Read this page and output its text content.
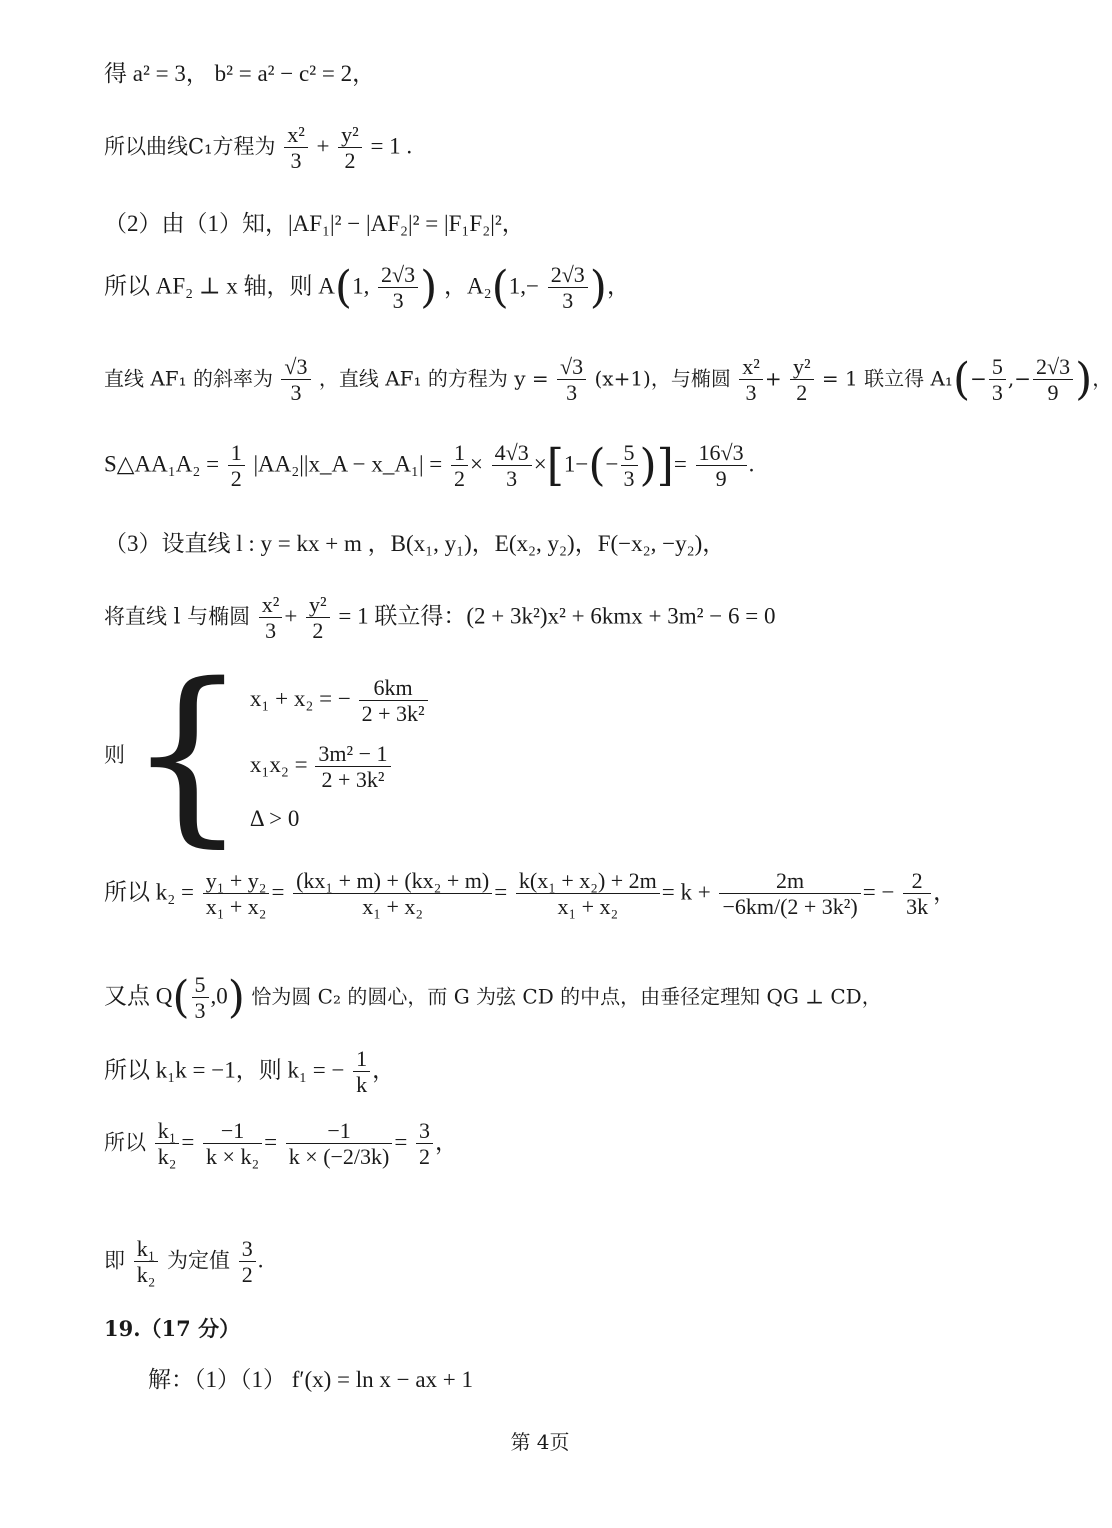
得 a² = 3， b² = a² − c² = 2，
所以曲线C₁方程为 $\frac{\text{x²}}{3} + \frac{\text{y²}}{2} = 1$ .
（2）由（1）知，|AF₁|² − |AF₂|² = |F₁F₂|²，
所以 AF₂ ⊥ x 轴，则 A(1, $\frac{2√3}{3}$ ) ，$A_2(1,- \frac{2√3}{3}$ )，
直线 AF₁ 的斜率为 $\frac{√3}{3}$ ，直线 AF₁ 的方程为 $y = \frac{√3}{3} (x+1)$，与椭圆 $\frac{\text{x²}}{3} + \frac{\text{y²}}{2} = 1$ 联立得 $A_1(- \frac{5}{3}$ ,− $\frac{2√3}{9}$ )，
S△AA₁A₂ = $\frac{1}{2}$ |AA₂||x_A − x_A₁| = $\frac{1}{2} \times \frac{4√3}{3} \times[1-(- \frac{5}{3}$ )]= $\frac{16√3}{9}$ .
（3）设直线 l : y = kx + m ，B(x₁, y₁)，E(x₂, y₂)，F(−x₂, −y₂)，
将直线 l 与椭圆 $\frac{\text{x²}}{3} + \frac{\text{y²}}{2} = 1$ 联立得：(2 + 3k²)x² + 6kmx + 3m² − 6 = 0
则 { x₁ + x₂ = − $\frac{6km}{\text{2 + 3k²}}$
$x_1x_2 = \frac{\text{3m² − 1}}{\text{2 + 3k²}}$
Δ > 0
所以 $k_2 = \frac{\text{y₁ + y₂}}{\text{x₁ + x₂}} = \frac{\text{(kx₁ + m) + (kx₂ + m)}}{\text{x₁ + x₂}} = \frac{\text{k(x₁ + x₂) + 2m}}{\text{x₁ + x₂}} = k + \frac{2m}{\text{−6km/(2 + 3k²)}}$ = − $\frac{2}{3k}$ ，
又点 $Q( \frac{5}{3} ,0)$ 恰为圆 C₂ 的圆心，而 G 为弦 CD 的中点，由垂径定理知 QG ⊥ CD，
所以 k₁k = −1，则 k₁ = − $\frac{1}{k}$ ，
所以 $\frac{\text{k₁}}{\text{k₂}} = \frac{-1}{\text{k × k₂}} = \frac{-1}{k \times (-2/3k)} = \frac{3}{2}$ ，
即 $\frac{\text{k₁}}{\text{k₂}}$ 为定值 $\frac{3}{2}$ .
19.（17 分）
解：（1）（1） f′(x) = ln x − ax + 1
第 4页
